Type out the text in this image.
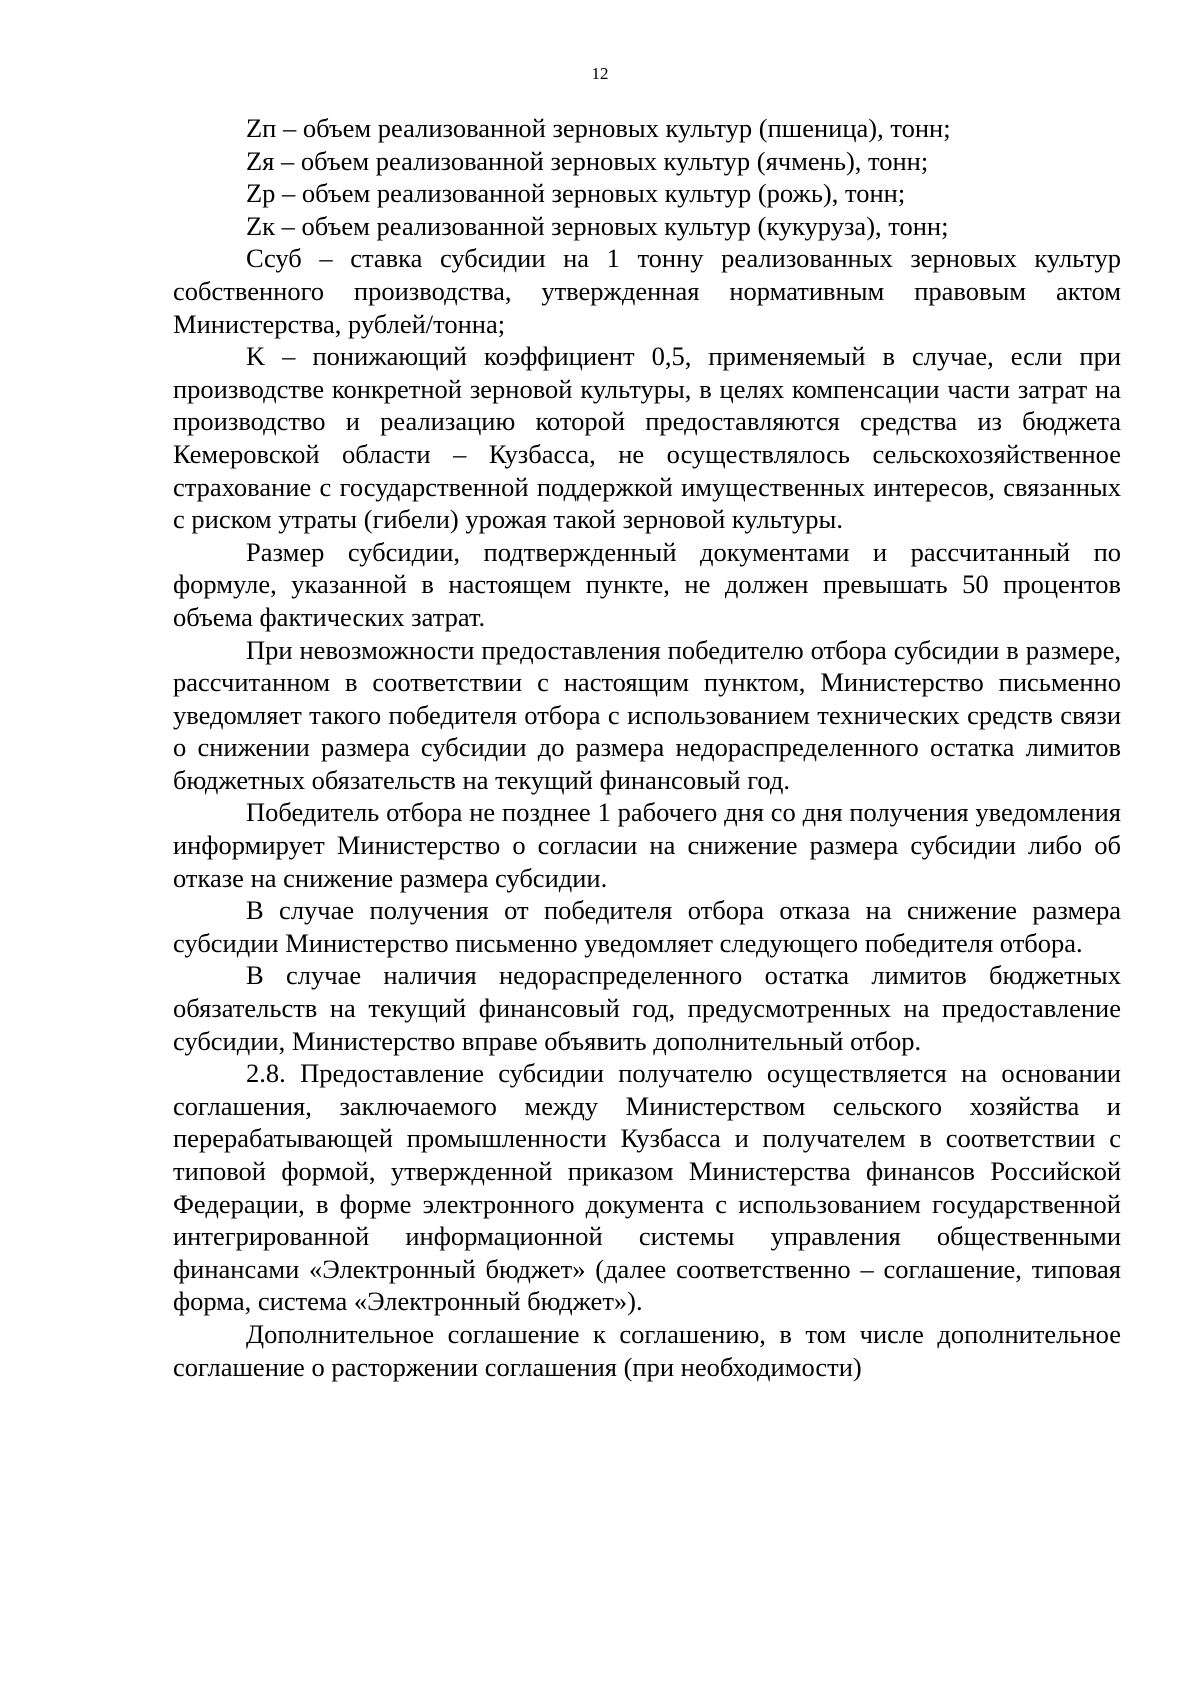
12

Zп – объем реализованной зерновых культур (пшеница), тонн;

Zя – объем реализованной зерновых культур (ячмень), тонн;

Zр – объем реализованной зерновых культур (рожь), тонн;

Zк – объем реализованной зерновых культур (кукуруза), тонн;

Ссуб – ставка субсидии на 1 тонну реализованных зерновых культур собственного производства, утвержденная нормативным правовым актом Министерства, рублей/тонна;

K – понижающий коэффициент 0,5, применяемый в случае, если при производстве конкретной зерновой культуры, в целях компенсации части затрат на производство и реализацию которой предоставляются средства из бюджета Кемеровской области – Кузбасса, не осуществлялось сельскохозяйственное страхование с государственной поддержкой имущественных интересов, связанных с риском утраты (гибели) урожая такой зерновой культуры.

Размер субсидии, подтвержденный документами и рассчитанный по формуле, указанной в настоящем пункте, не должен превышать 50 процентов объема фактических затрат.

При невозможности предоставления победителю отбора субсидии в размере, рассчитанном в соответствии с настоящим пунктом, Министерство письменно уведомляет такого победителя отбора с использованием технических средств связи о снижении размера субсидии до размера недораспределенного остатка лимитов бюджетных обязательств на текущий финансовый год.

Победитель отбора не позднее 1 рабочего дня со дня получения уведомления информирует Министерство о согласии на снижение размера субсидии либо об отказе на снижение размера субсидии.

В случае получения от победителя отбора отказа на снижение размера субсидии Министерство письменно уведомляет следующего победителя отбора.

В случае наличия недораспределенного остатка лимитов бюджетных обязательств на текущий финансовый год, предусмотренных на предоставление субсидии, Министерство вправе объявить дополнительный отбор.

2.8. Предоставление субсидии получателю осуществляется на основании соглашения, заключаемого между Министерством сельского хозяйства и перерабатывающей промышленности Кузбасса и получателем в соответствии с типовой формой, утвержденной приказом Министерства финансов Российской Федерации, в форме электронного документа с использованием государственной интегрированной информационной системы управления общественными финансами «Электронный бюджет» (далее соответственно – соглашение, типовая форма, система «Электронный бюджет»).

Дополнительное соглашение к соглашению, в том числе дополнительное соглашение о расторжении соглашения (при необходимости)
